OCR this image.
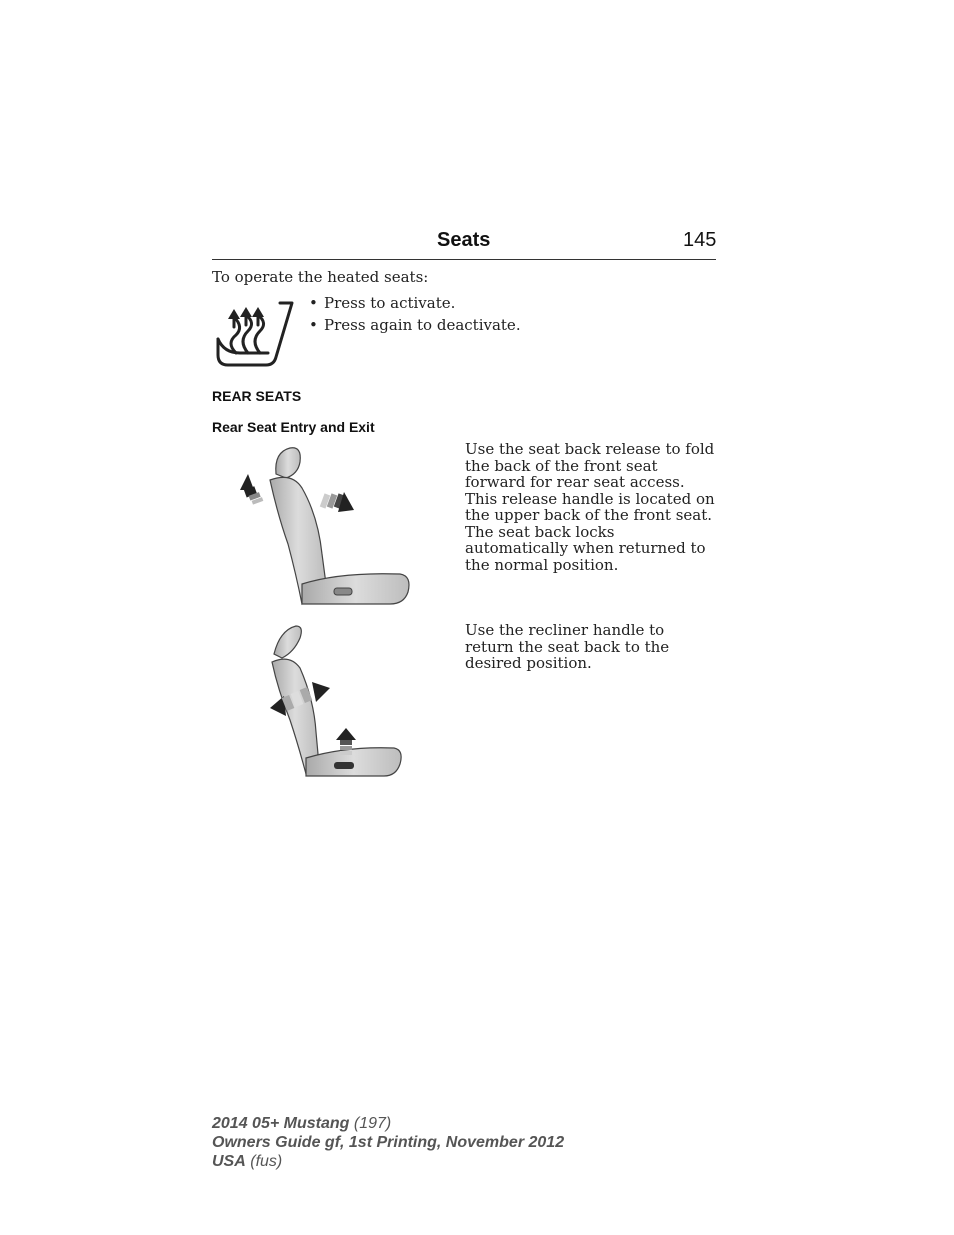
Seats	145
To operate the heated seats:
• Press to activate.
• Press again to deactivate.
REAR SEATS
Rear Seat Entry and Exit
Use the seat back release to fold the back of the front seat forward for rear seat access. This release handle is located on the upper back of the front seat. The seat back locks automatically when returned to the normal position.
Use the recliner handle to return the seat back to the desired position.
2014 05+ Mustang (197)
Owners Guide gf, 1st Printing, November 2012
USA (fus)
